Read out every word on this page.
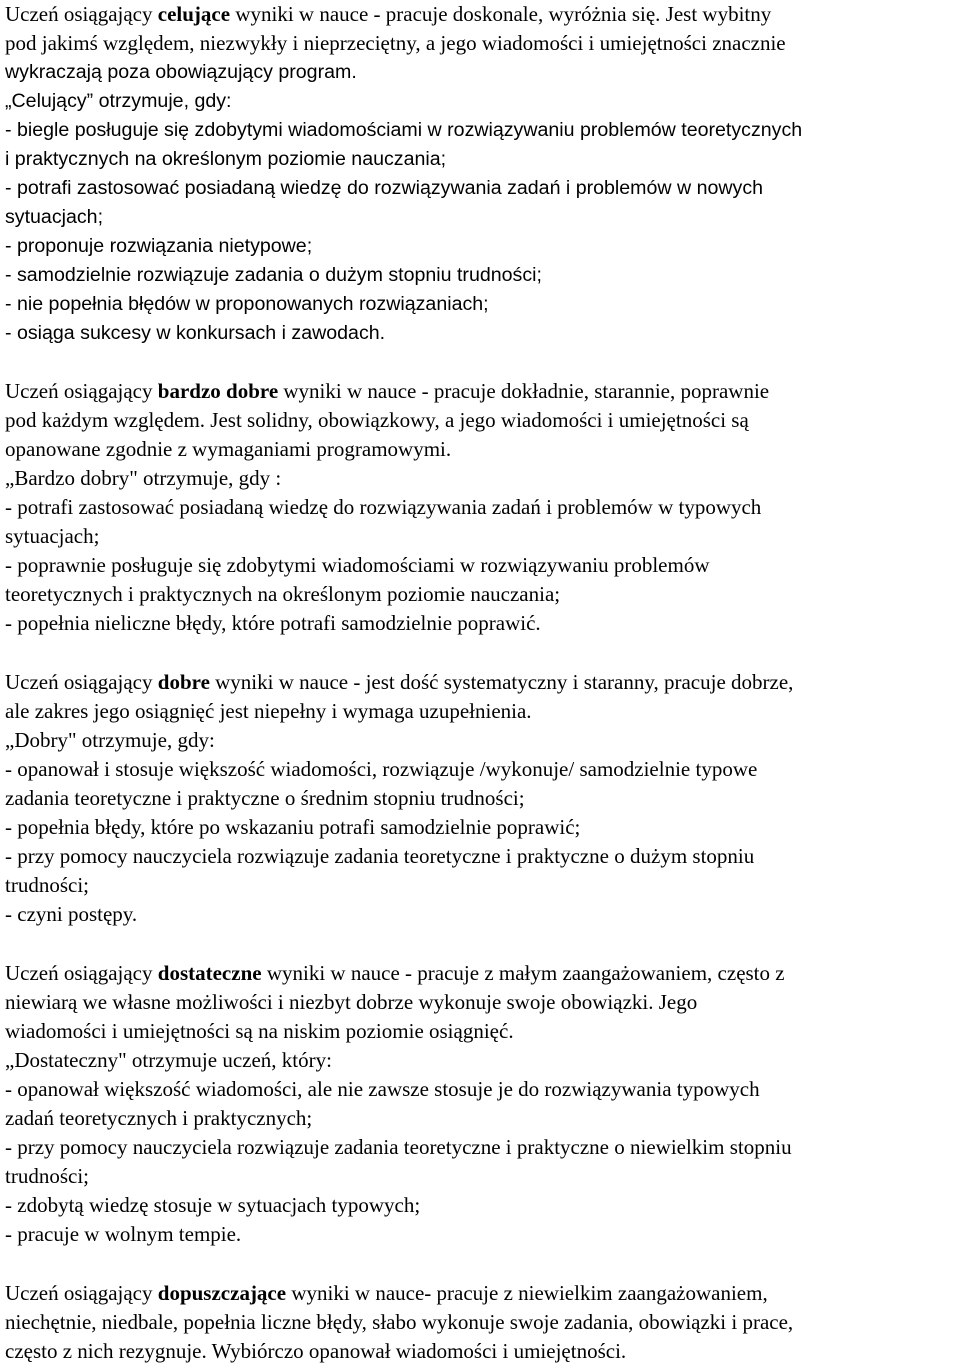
Uczeń osiągający celujące wyniki w nauce - pracuje doskonale, wyróżnia się. Jest wybitny
pod jakimś względem, niezwykły i nieprzeciętny, a jego wiadomości i umiejętności znacznie
wykraczają poza obowiązujący program.
„Celujący” otrzymuje, gdy:
- biegle posługuje się zdobytymi wiadomościami w rozwiązywaniu problemów teoretycznych
i praktycznych na określonym poziomie nauczania;
- potrafi zastosować posiadaną wiedzę do rozwiązywania zadań i problemów w nowych
sytuacjach;
- proponuje rozwiązania nietypowe;
- samodzielnie rozwiązuje zadania o dużym stopniu trudności;
- nie popełnia błędów w proponowanych rozwiązaniach;
- osiąga sukcesy w konkursach i zawodach.
Uczeń osiągający bardzo dobre wyniki w nauce - pracuje dokładnie, starannie, poprawnie
pod każdym względem. Jest solidny, obowiązkowy, a jego wiadomości i umiejętności są
opanowane zgodnie z wymaganiami programowymi.
„Bardzo dobry" otrzymuje, gdy :
- potrafi zastosować posiadaną wiedzę do rozwiązywania zadań i problemów w typowych
sytuacjach;
- poprawnie posługuje się zdobytymi wiadomościami w rozwiązywaniu problemów
teoretycznych i praktycznych na określonym poziomie nauczania;
- popełnia nieliczne błędy, które potrafi samodzielnie poprawić.
Uczeń osiągający dobre wyniki w nauce - jest dość systematyczny i staranny, pracuje dobrze,
ale zakres jego osiągnięć jest niepełny i wymaga uzupełnienia.
„Dobry" otrzymuje, gdy:
- opanował i stosuje większość wiadomości, rozwiązuje /wykonuje/ samodzielnie typowe
zadania teoretyczne i praktyczne o średnim stopniu trudności;
- popełnia błędy, które po wskazaniu potrafi samodzielnie poprawić;
- przy pomocy nauczyciela rozwiązuje zadania teoretyczne i praktyczne o dużym stopniu
trudności;
- czyni postępy.
Uczeń osiągający dostateczne wyniki w nauce - pracuje z małym zaangażowaniem, często z
niewiarą we własne możliwości i niezbyt dobrze wykonuje swoje obowiązki. Jego
wiadomości i umiejętności są na niskim poziomie osiągnięć.
„Dostateczny" otrzymuje uczeń, który:
- opanował większość wiadomości, ale nie zawsze stosuje je do rozwiązywania typowych
zadań teoretycznych i praktycznych;
- przy pomocy nauczyciela rozwiązuje zadania teoretyczne i praktyczne o niewielkim stopniu
trudności;
- zdobytą wiedzę stosuje w sytuacjach typowych;
- pracuje w wolnym tempie.
Uczeń osiągający dopuszczające wyniki w nauce- pracuje z niewielkim zaangażowaniem,
niechętnie, niedbale, popełnia liczne błędy, słabo wykonuje swoje zadania, obowiązki i prace,
często z nich rezygnuje. Wybiórczo opanował wiadomości i umiejętności.
